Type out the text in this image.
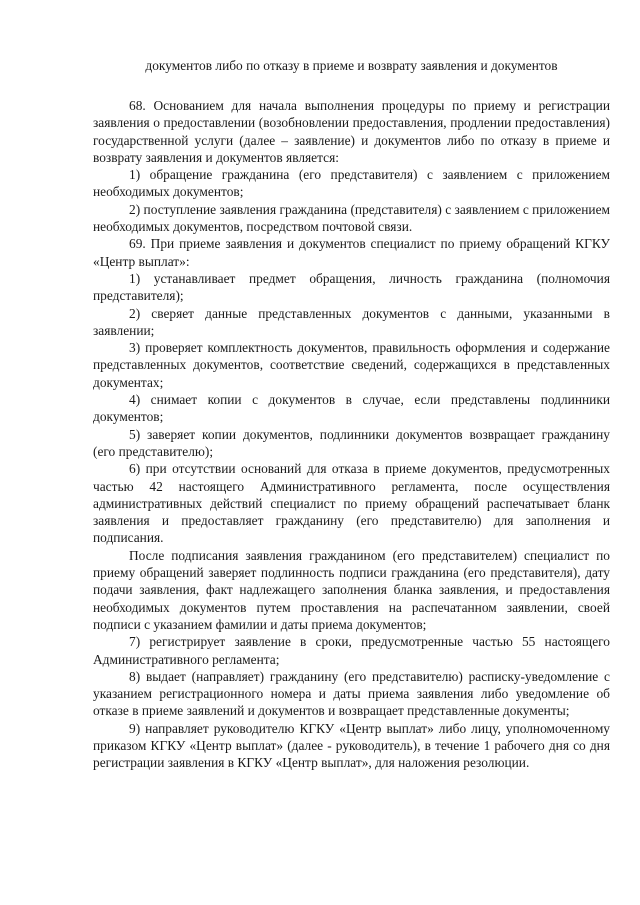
документов либо по отказу в приеме и возврату заявления и документов

68. Основанием для начала выполнения процедуры по приему и регистрации заявления о предоставлении (возобновлении предоставления, продлении предоставления) государственной услуги (далее – заявление) и документов либо по отказу в приеме и возврату заявления и документов является:

1) обращение гражданина (его представителя) с заявлением с приложением необходимых документов;

2) поступление заявления гражданина (представителя) с заявлением с приложением необходимых документов, посредством почтовой связи.

69. При приеме заявления и документов специалист по приему обращений КГКУ «Центр выплат»:

1) устанавливает предмет обращения, личность гражданина (полномочия представителя);

2) сверяет данные представленных документов с данными, указанными в заявлении;

3) проверяет комплектность документов, правильность оформления и содержание представленных документов, соответствие сведений, содержащихся в представленных документах;

4) снимает копии с документов в случае, если представлены подлинники документов;

5) заверяет копии документов, подлинники документов возвращает гражданину (его представителю);

6) при отсутствии оснований для отказа в приеме документов, предусмотренных частью 42 настоящего Административного регламента, после осуществления административных действий специалист по приему обращений распечатывает бланк заявления и предоставляет гражданину (его представителю) для заполнения и подписания.

После подписания заявления гражданином (его представителем) специалист по приему обращений заверяет подлинность подписи гражданина (его представителя), дату подачи заявления, факт надлежащего заполнения бланка заявления, и предоставления необходимых документов путем проставления на распечатанном заявлении, своей подписи с указанием фамилии и даты приема документов;

7) регистрирует заявление в сроки, предусмотренные частью 55 настоящего Административного регламента;

8) выдает (направляет) гражданину (его представителю) расписку-уведомление с указанием регистрационного номера и даты приема заявления либо уведомление об отказе в приеме заявлений и документов и возвращает представленные документы;

9) направляет руководителю КГКУ «Центр выплат» либо лицу, уполномоченному приказом КГКУ «Центр выплат» (далее - руководитель), в течение 1 рабочего дня со дня регистрации заявления в КГКУ «Центр выплат», для наложения резолюции.
